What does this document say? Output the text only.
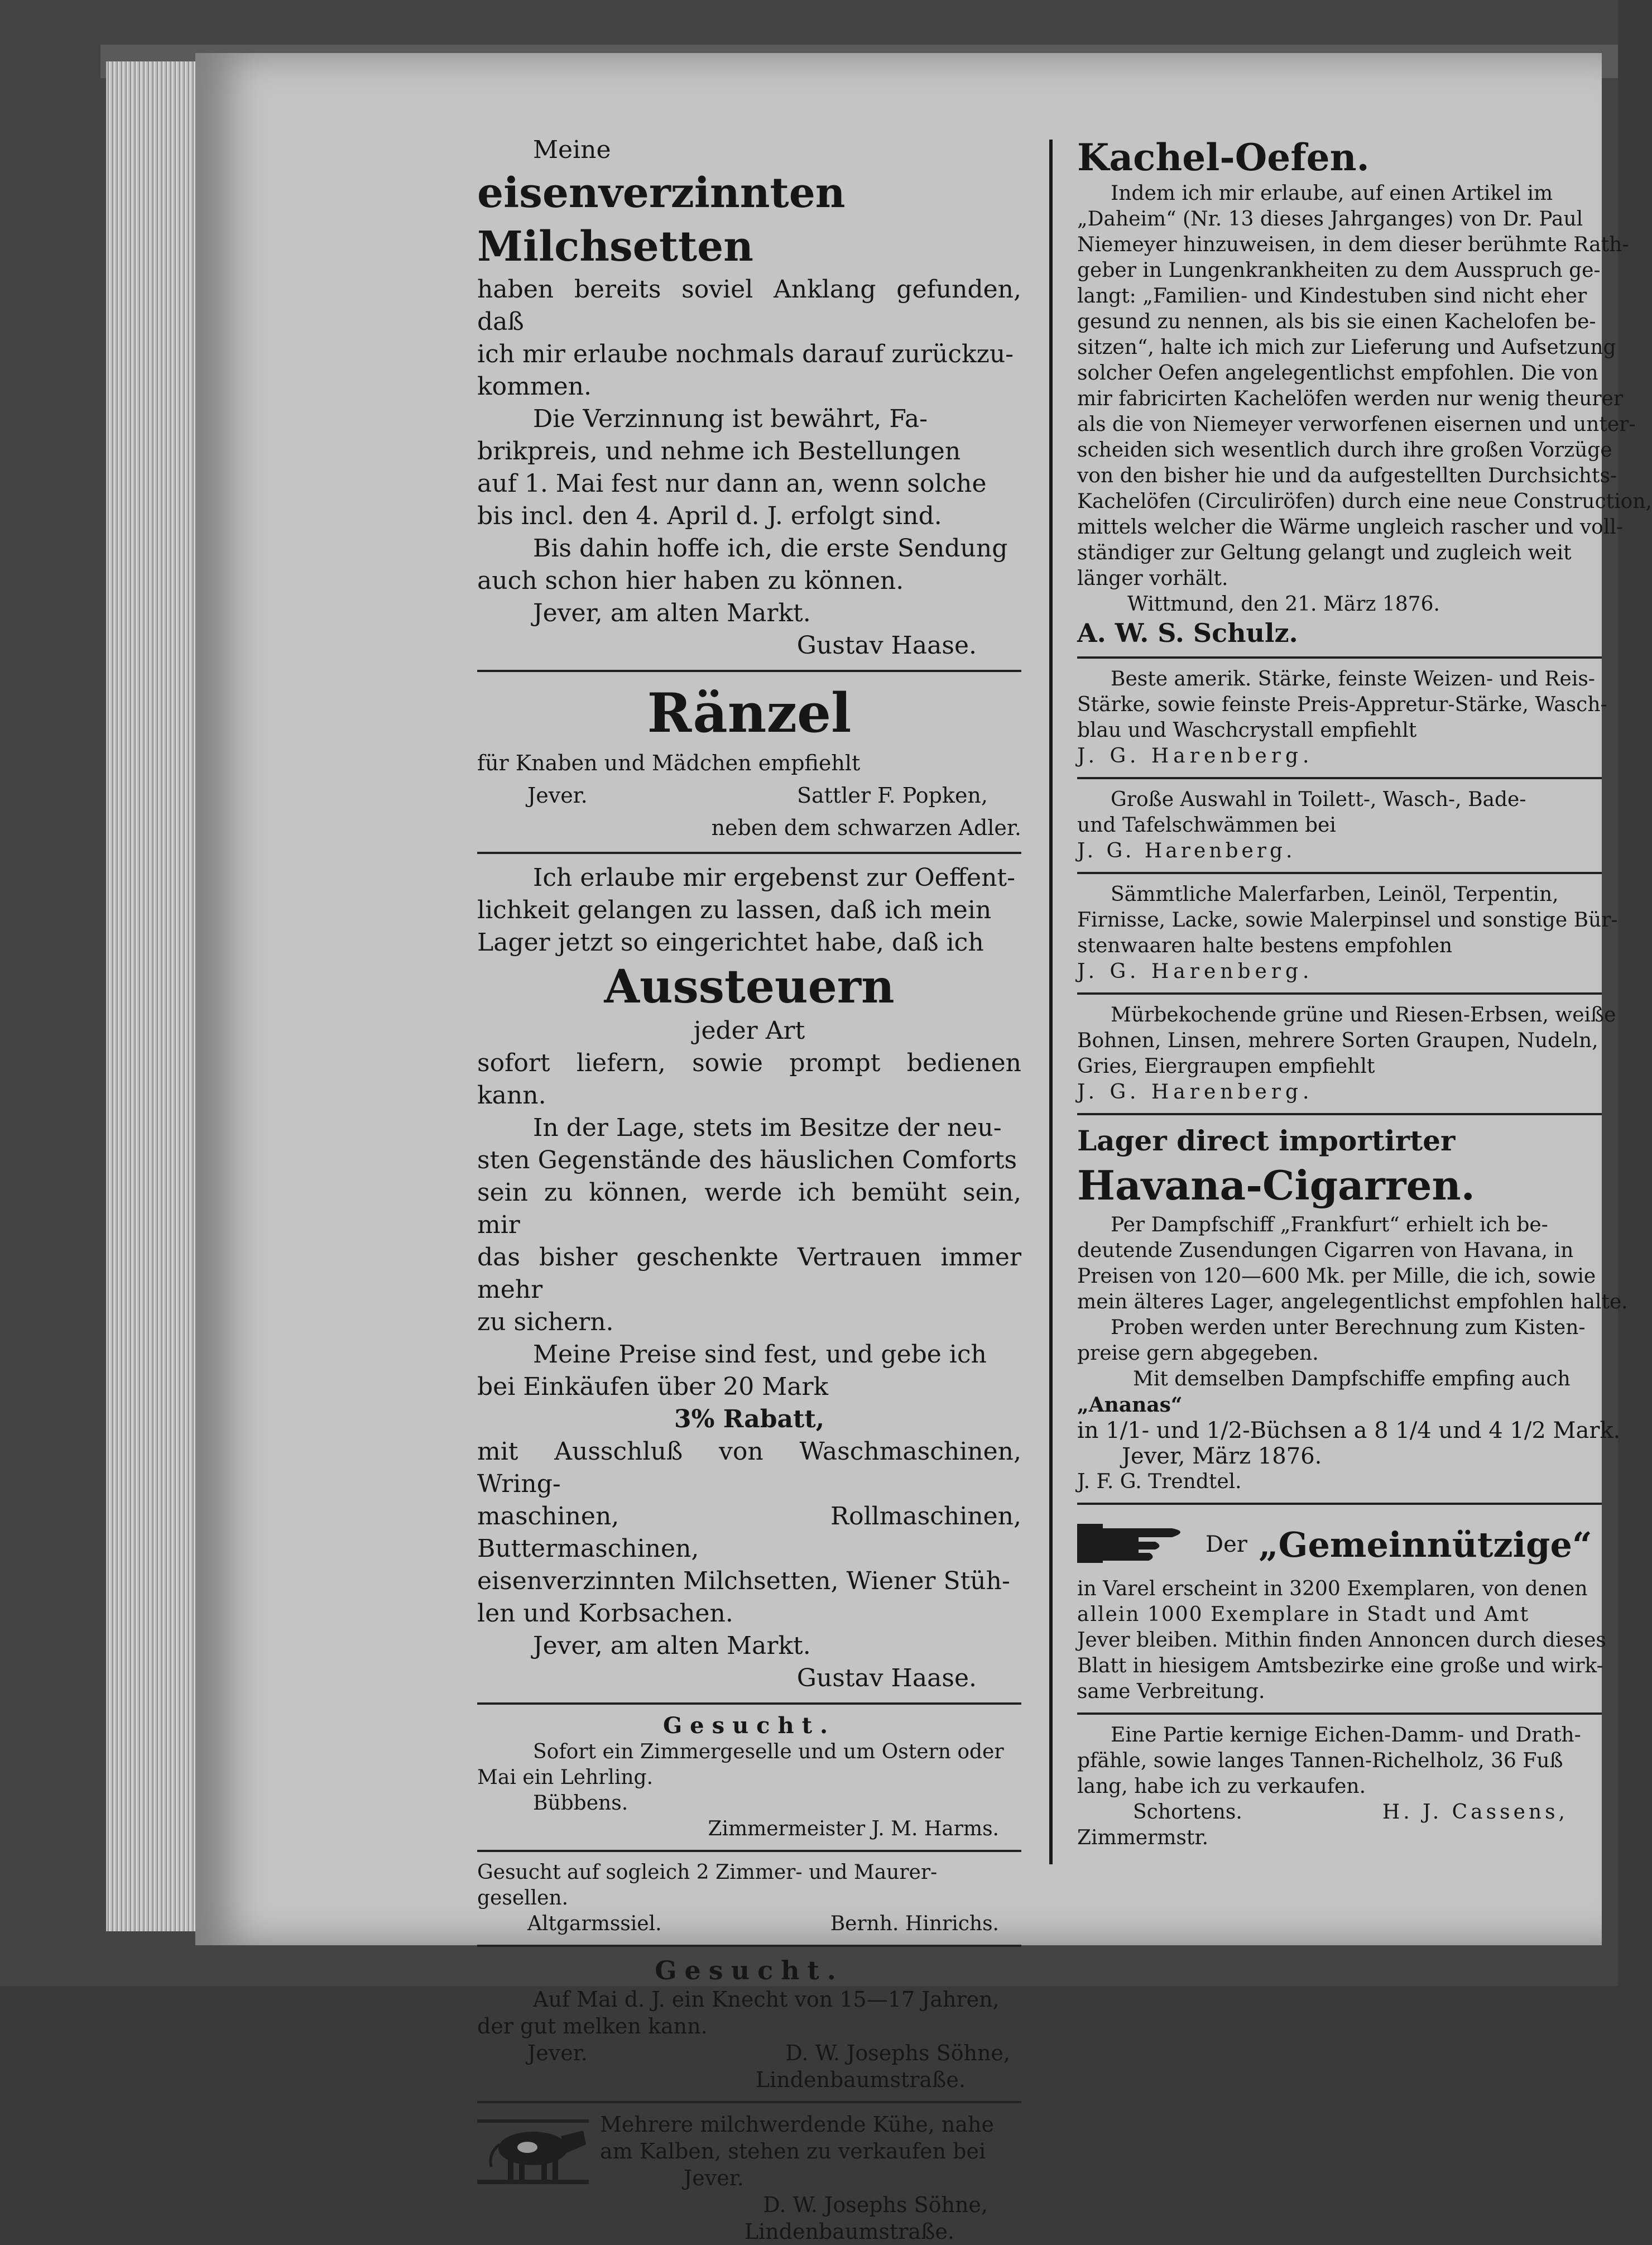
Meine

eisenverzinnten Milchsetten

haben bereits soviel Anklang gefunden, daß

ich mir erlaube nochmals darauf zurückzu-

kommen.

Die Verzinnung ist bewährt, Fa-

brikpreis, und nehme ich Bestellungen

auf 1. Mai fest nur dann an, wenn solche

bis incl. den 4. April d. J. erfolgt sind.

Bis dahin hoffe ich, die erste Sendung

auch schon hier haben zu können.

Jever, am alten Markt.

Gustav Haase.

Ränzel

für Knaben und Mädchen empfiehlt

Jever.	Sattler F. Popken,

neben dem schwarzen Adler.

Ich erlaube mir ergebenst zur Oeffent-

lichkeit gelangen zu lassen, daß ich mein

Lager jetzt so eingerichtet habe, daß ich

Aussteuern

jeder Art

sofort liefern, sowie prompt bedienen kann.

In der Lage, stets im Besitze der neu-

sten Gegenstände des häuslichen Comforts

sein zu können, werde ich bemüht sein, mir

das bisher geschenkte Vertrauen immer mehr

zu sichern.

Meine Preise sind fest, und gebe ich

bei Einkäufen über 20 Mark

3% Rabatt,

mit Ausschluß von Waschmaschinen, Wring-

maschinen, Rollmaschinen, Buttermaschinen,

eisenverzinnten Milchsetten, Wiener Stüh-

len und Korbsachen.

Jever, am alten Markt.

Gustav Haase.

Gesucht.

Sofort ein Zimmergeselle und um Ostern oder

Mai ein Lehrling.

Bübbens.

Zimmermeister J. M. Harms.

Gesucht auf sogleich 2 Zimmer- und Maurer-

gesellen.

Altgarmssiel.	Bernh. Hinrichs.

Gesucht.

Auf Mai d. J. ein Knecht von 15—17 Jahren,

der gut melken kann.

Jever.	D. W. Josephs Söhne,

Lindenbaumstraße.

Mehrere milchwerdende Kühe, nahe

am Kalben, stehen zu verkaufen bei

Jever.

D. W. Josephs Söhne,

Lindenbaumstraße.

Kachel-Oefen.

Indem ich mir erlaube, auf einen Artikel im

„Daheim“ (Nr. 13 dieses Jahrganges) von Dr. Paul

Niemeyer hinzuweisen, in dem dieser berühmte Rath-

geber in Lungenkrankheiten zu dem Ausspruch ge-

langt: „Familien- und Kindestuben sind nicht eher

gesund zu nennen, als bis sie einen Kachelofen be-

sitzen“, halte ich mich zur Lieferung und Aufsetzung

solcher Oefen angelegentlichst empfohlen. Die von

mir fabricirten Kachelöfen werden nur wenig theurer

als die von Niemeyer verworfenen eisernen und unter-

scheiden sich wesentlich durch ihre großen Vorzüge

von den bisher hie und da aufgestellten Durchsichts-

Kachelöfen (Circuliröfen) durch eine neue Construction,

mittels welcher die Wärme ungleich rascher und voll-

ständiger zur Geltung gelangt und zugleich weit

länger vorhält.

Wittmund, den 21. März 1876.

A. W. S. Schulz.

Beste amerik. Stärke, feinste Weizen- und Reis-

Stärke, sowie feinste Preis-Appretur-Stärke, Wasch-

blau und Waschcrystall empfiehlt

J. G. Harenberg.

Große Auswahl in Toilett-, Wasch-, Bade-

und Tafelschwämmen bei

J. G. Harenberg.

Sämmtliche Malerfarben, Leinöl, Terpentin,

Firnisse, Lacke, sowie Malerpinsel und sonstige Bür-

stenwaaren halte bestens empfohlen

J. G. Harenberg.

Mürbekochende grüne und Riesen-Erbsen, weiße

Bohnen, Linsen, mehrere Sorten Graupen, Nudeln,

Gries, Eiergraupen empfiehlt

J. G. Harenberg.

Lager direct importirter

Havana-Cigarren.

Per Dampfschiff „Frankfurt“ erhielt ich be-

deutende Zusendungen Cigarren von Havana, in

Preisen von 120—600 Mk. per Mille, die ich, sowie

mein älteres Lager, angelegentlichst empfohlen halte.

Proben werden unter Berechnung zum Kisten-

preise gern abgegeben.

Mit demselben Dampfschiffe empfing auch

„Ananas“

in 1/1- und 1/2-Büchsen a 8 1/4 und 4 1/2 Mark.

Jever, März 1876.

J. F. G. Trendtel.

Der „Gemeinnützige“

in Varel erscheint in 3200 Exemplaren, von denen

allein 1000 Exemplare in Stadt und Amt

Jever bleiben. Mithin finden Annoncen durch dieses

Blatt in hiesigem Amtsbezirke eine große und wirk-

same Verbreitung.

Eine Partie kernige Eichen-Damm- und Drath-

pfähle, sowie langes Tannen-Richelholz, 36 Fuß

lang, habe ich zu verkaufen.

Schortens.	H. J. Cassens,

Zimmermstr.
